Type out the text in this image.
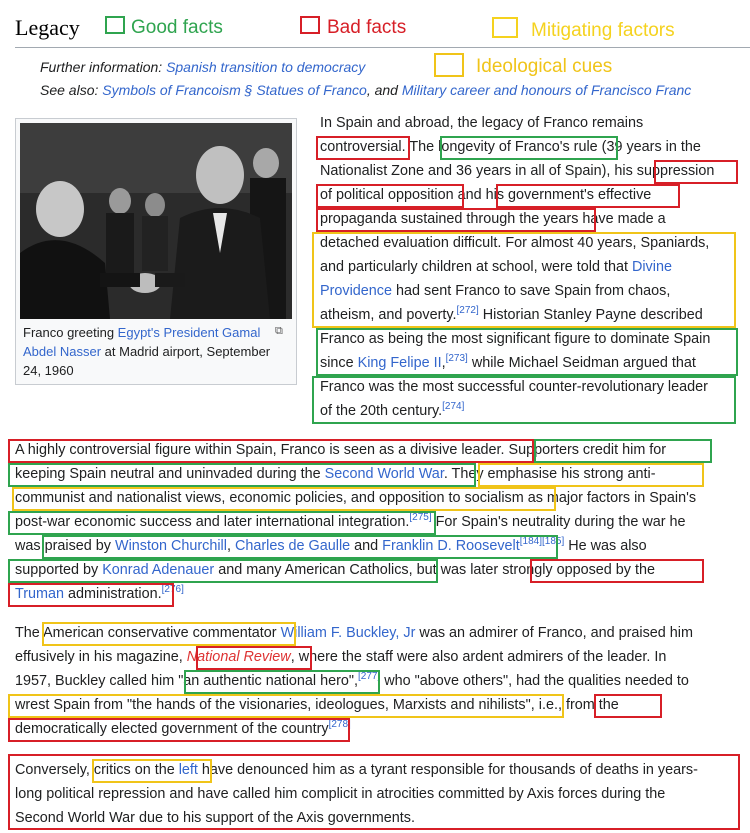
Legacy	Good facts	Bad facts	Mitigating factors
Ideological cues
Further information: Spanish transition to democracy
See also: Symbols of Francoism § Statues of Franco, and Military career and honours of Francisco Franc
⧉
Franco greeting Egypt's President Gamal
Abdel Nasser at Madrid airport, September
24, 1960
In Spain and abroad, the legacy of Franco remains
controversial. The longevity of Franco's rule (39 years in the
Nationalist Zone and 36 years in all of Spain), his suppression
of political opposition and his government's effective
propaganda sustained through the years have made a
detached evaluation difficult. For almost 40 years, Spaniards,
and particularly children at school, were told that Divine
Providence had sent Franco to save Spain from chaos,
atheism, and poverty.[272] Historian Stanley Payne described
Franco as being the most significant figure to dominate Spain
since King Felipe II,[273] while Michael Seidman argued that
Franco was the most successful counter-revolutionary leader
of the 20th century.[274]
A highly controversial figure within Spain, Franco is seen as a divisive leader. Supporters credit him for
keeping Spain neutral and uninvaded during the Second World War. They emphasise his strong anti-
communist and nationalist views, economic policies, and opposition to socialism as major factors in Spain's
post-war economic success and later international integration.[275] For Spain's neutrality during the war he
was praised by Winston Churchill, Charles de Gaulle and Franklin D. Roosevelt[184][185] He was also
supported by Konrad Adenauer and many American Catholics, but was later strongly opposed by the
Truman administration.[276]
The American conservative commentator William F. Buckley, Jr was an admirer of Franco, and praised him
effusively in his magazine, National Review, where the staff were also ardent admirers of the leader. In
1957, Buckley called him "an authentic national hero",[277] who "above others", had the qualities needed to
wrest Spain from "the hands of the visionaries, ideologues, Marxists and nihilists", i.e., from the
democratically elected government of the country[278]
Conversely, critics on the left have denounced him as a tyrant responsible for thousands of deaths in years-
long political repression and have called him complicit in atrocities committed by Axis forces during the
Second World War due to his support of the Axis governments.
